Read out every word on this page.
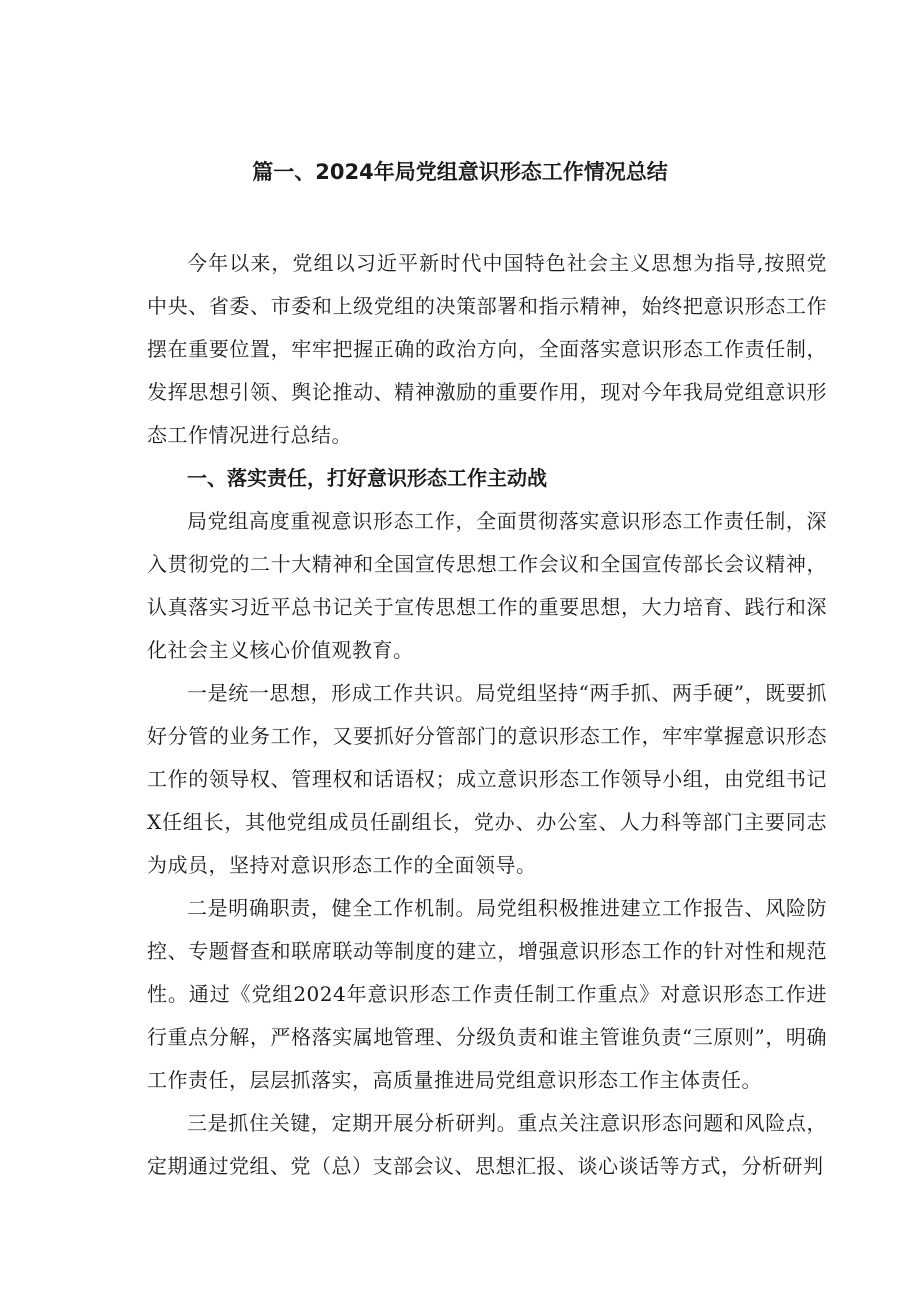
篇一、2024年局党组意识形态工作情况总结

今年以来，党组以习近平新时代中国特色社会主义思想为指导,按照党中央、省委、市委和上级党组的决策部署和指示精神，始终把意识形态工作摆在重要位置，牢牢把握正确的政治方向，全面落实意识形态工作责任制，发挥思想引领、舆论推动、精神激励的重要作用，现对今年我局党组意识形态工作情况进行总结。

一、落实责任，打好意识形态工作主动战

局党组高度重视意识形态工作，全面贯彻落实意识形态工作责任制，深入贯彻党的二十大精神和全国宣传思想工作会议和全国宣传部长会议精神，认真落实习近平总书记关于宣传思想工作的重要思想，大力培育、践行和深化社会主义核心价值观教育。

一是统一思想，形成工作共识。局党组坚持“两手抓、两手硬”，既要抓好分管的业务工作，又要抓好分管部门的意识形态工作，牢牢掌握意识形态工作的领导权、管理权和话语权；成立意识形态工作领导小组，由党组书记X任组长，其他党组成员任副组长，党办、办公室、人力科等部门主要同志为成员，坚持对意识形态工作的全面领导。

二是明确职责，健全工作机制。局党组积极推进建立工作报告、风险防控、专题督查和联席联动等制度的建立，增强意识形态工作的针对性和规范性。通过《党组2024年意识形态工作责任制工作重点》对意识形态工作进行重点分解，严格落实属地管理、分级负责和谁主管谁负责“三原则”，明确工作责任，层层抓落实，高质量推进局党组意识形态工作主体责任。

三是抓住关键，定期开展分析研判。重点关注意识形态问题和风险点，定期通过党组、党（总）支部会议、思想汇报、谈心谈话等方式，分析研判
